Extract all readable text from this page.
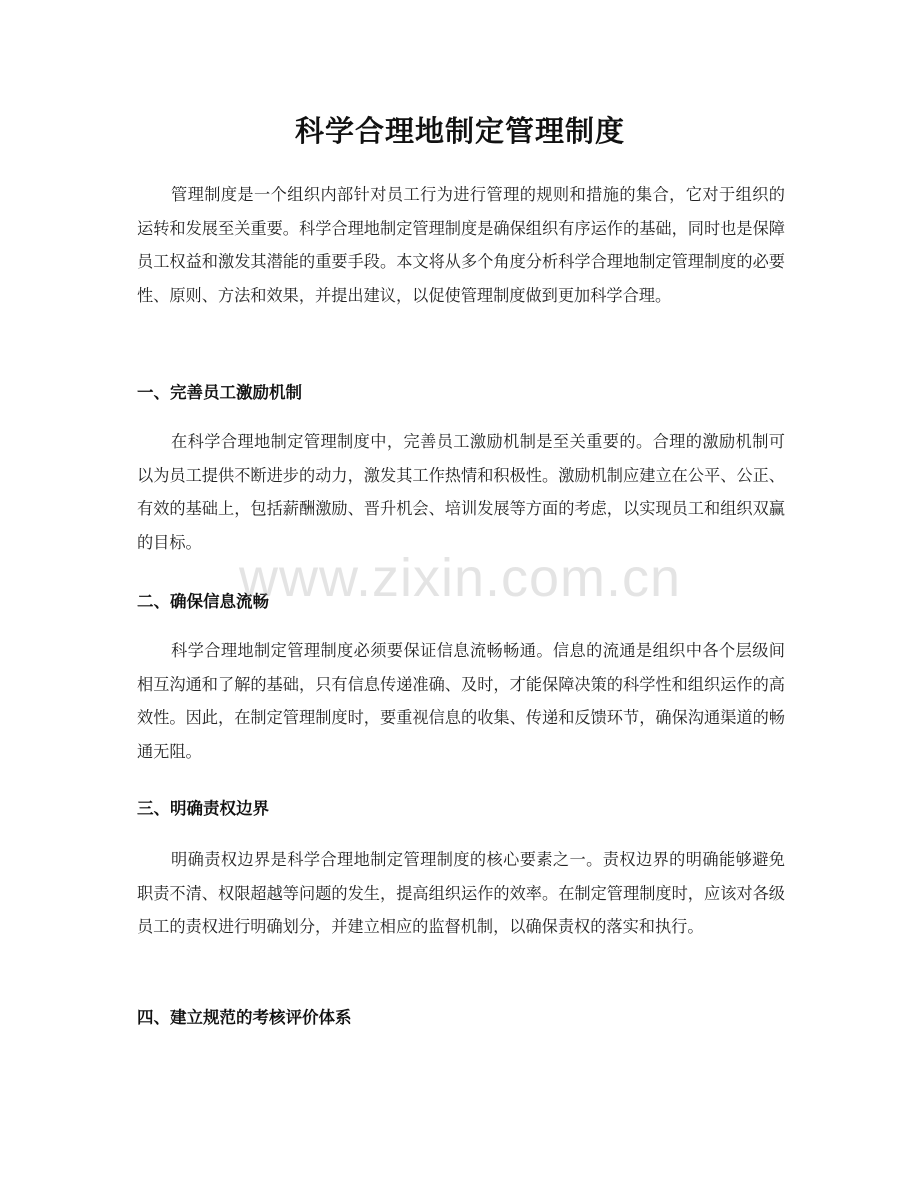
科学合理地制定管理制度

管理制度是一个组织内部针对员工行为进行管理的规则和措施的集合，它对于组织的运转和发展至关重要。科学合理地制定管理制度是确保组织有序运作的基础，同时也是保障员工权益和激发其潜能的重要手段。本文将从多个角度分析科学合理地制定管理制度的必要性、原则、方法和效果，并提出建议，以促使管理制度做到更加科学合理。

一、完善员工激励机制

在科学合理地制定管理制度中，完善员工激励机制是至关重要的。合理的激励机制可以为员工提供不断进步的动力，激发其工作热情和积极性。激励机制应建立在公平、公正、有效的基础上，包括薪酬激励、晋升机会、培训发展等方面的考虑，以实现员工和组织双赢的目标。

二、确保信息流畅

科学合理地制定管理制度必须要保证信息流畅畅通。信息的流通是组织中各个层级间相互沟通和了解的基础，只有信息传递准确、及时，才能保障决策的科学性和组织运作的高效性。因此，在制定管理制度时，要重视信息的收集、传递和反馈环节，确保沟通渠道的畅通无阻。

三、明确责权边界

明确责权边界是科学合理地制定管理制度的核心要素之一。责权边界的明确能够避免职责不清、权限超越等问题的发生，提高组织运作的效率。在制定管理制度时，应该对各级员工的责权进行明确划分，并建立相应的监督机制，以确保责权的落实和执行。

四、建立规范的考核评价体系
www.zixin.com.cn
